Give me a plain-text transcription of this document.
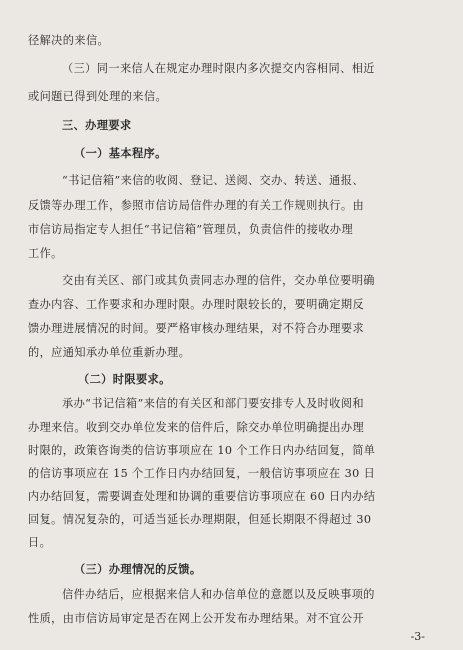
径解决的来信。
（三）同一来信人在规定办理时限内多次提交内容相同、相近
或问题已得到处理的来信。
三、办理要求
（一）基本程序。
“书记信箱”来信的收阅、登记、送阅、交办、转送、通报、
反馈等办理工作，参照市信访局信件办理的有关工作规则执行。由
市信访局指定专人担任“书记信箱”管理员，负责信件的接收办理
工作。
交由有关区、部门或其负责同志办理的信件，交办单位要明确
查办内容、工作要求和办理时限。办理时限较长的，要明确定期反
馈办理进展情况的时间。要严格审核办理结果，对不符合办理要求
的，应通知承办单位重新办理。
（二）时限要求。
承办“书记信箱”来信的有关区和部门要安排专人及时收阅和
办理来信。收到交办单位发来的信件后，除交办单位明确提出办理
时限的，政策咨询类的信访事项应在 10 个工作日内办结回复，简单
的信访事项应在 15 个工作日内办结回复，一般信访事项应在 30 日
内办结回复，需要调查处理和协调的重要信访事项应在 60 日内办结
回复。情况复杂的，可适当延长办理期限，但延长期限不得超过 30
日。
（三）办理情况的反馈。
信件办结后，应根据来信人和办信单位的意愿以及反映事项的
性质，由市信访局审定是否在网上公开发布办理结果。对不宜公开
-3-
